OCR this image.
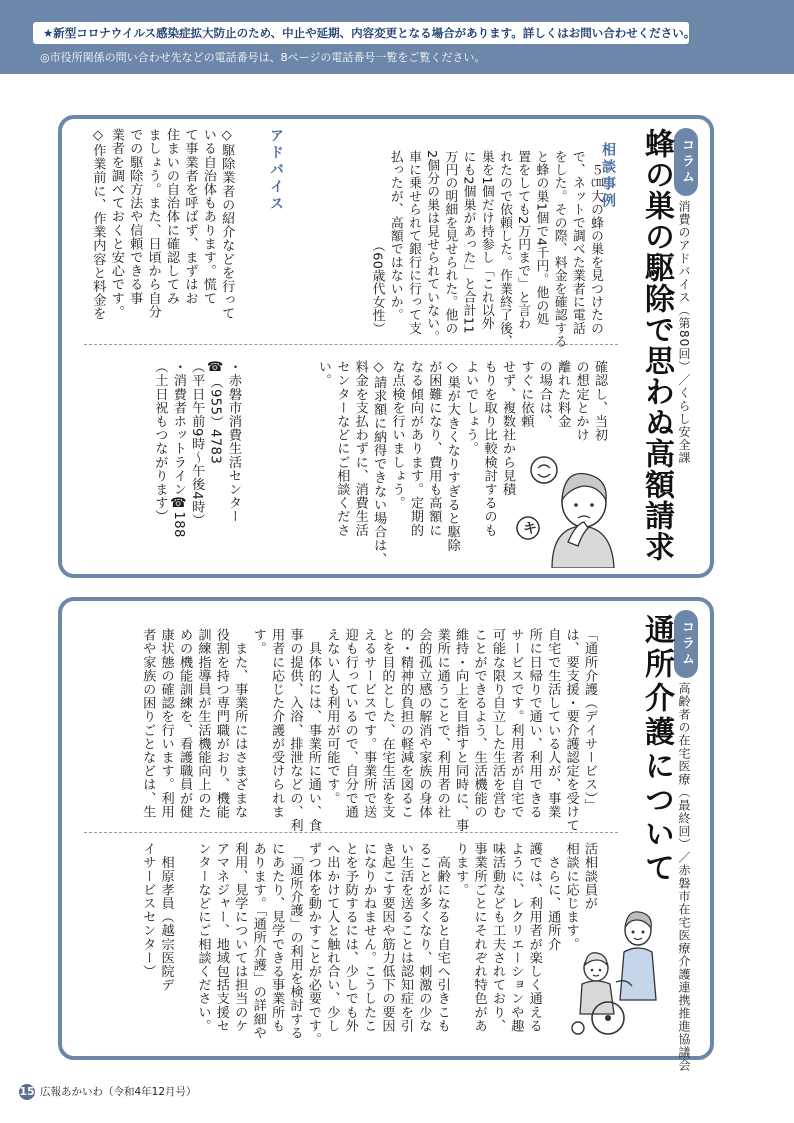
★新型コロナウイルス感染症拡大防止のため、中止や延期、内容変更となる場合があります。詳しくはお問い合わせください。
◎市役所関係の問い合わせ先などの電話番号は、8ページの電話番号一覧をご覧ください。
コラム
消費のアドバイス（第80回）／くらし安全課
蜂の巣の駆除で思わぬ高額請求
相談事例
　５㎝大の蜂の巣を見つけたの
で、ネットで調べた業者に電話
をした。その際、料金を確認する
と蜂の巣1個で4千円。他の処
置をしても2万円まで」と言わ
れたので依頼した。作業終了後、
巣を1個だけ持参し「これ以外
にも2個巣があった」と合計11
万円の明細を見せられた。他の
2個分の巣は見せられていない。
車に乗せられて銀行に行って支
払ったが、高額ではないか。

（60歳代女性）
アドバイス
◇駆除業者の紹介などを行って
いる自治体もあります。慌て
て事業者を呼ばず、まずはお
住まいの自治体に確認してみ
ましょう。また、日頃から自分
での駆除方法や信頼できる事
業者を調べておくと安心です。
◇作業前に、作業内容と料金を
確認し、当初
の想定とかけ
離れた料金
の場合は、
すぐに依頼
せず、複数社から見積
もりを取り比較検討するのも
よいでしょう。
◇巣が大きくなりすぎると駆除
が困難になり、費用も高額に
なる傾向があります。定期的
な点検を行いましょう。
◇請求額に納得できない場合は、
料金を支払わずに、消費生活
センターなどにご相談くださ
い。
・赤磐市消費生活センター
☎（955）4783
（平日午前9時～午後4時）
・消費者ホットライン☎188
（土日祝もつながります）
キ
コラム
高齢者の在宅医療（最終回）／赤磐市在宅医療介護連携推進協議会
通所介護について
「通所介護（デイサービス）」
は、要支援・要介護認定を受けて
自宅で生活している人が、事業
所に日帰りで通い、利用できる
サービスです。利用者が自宅で
可能な限り自立した生活を営む
ことができるよう、生活機能の
維持・向上を目指すと同時に、事
業所に通うことで、利用者の社
会的孤立感の解消や家族の身体
的・精神的負担の軽減を図るこ
とを目的とした、在宅生活を支
えるサービスです。事業所で送
迎も行っているので、自分で通
えない人も利用が可能です。
　具体的には、事業所に通い、食
事の提供、入浴、排泄などの、利
用者に応じた介護が受けられま
す。
　また、事業所にはさまざまな
役割を持つ専門職がおり、機能
訓練指導員が生活機能向上のた
めの機能訓練を、看護職員が健
康状態の確認を行います。利用
者や家族の困りごとなどは、生
活相談員が
相談に応じます。
　さらに、通所介
護では、利用者が楽しく通える
ように、レクリエーションや趣
味活動なども工夫されており、
事業所ごとにそれぞれ特色があ
ります。
　高齢になると自宅へ引きこも
ることが多くなり、刺激の少な
い生活を送ることは認知症を引
き起こす要因や筋力低下の要因
になりかねません。こうしたこ
とを予防するには、少しでも外
へ出かけて人と触れ合い、少し
ずつ体を動かすことが必要です。
　「通所介護」の利用を検討する
にあたり、見学できる事業所も
あります。「通所介護」の詳細や
利用、見学については担当のケ
アマネジャー、地域包括支援セ
ンターなどにご相談ください。

　相原孝員（越宗医院デ
イサービスセンター）
15 広報あかいわ（令和4年12月号）
